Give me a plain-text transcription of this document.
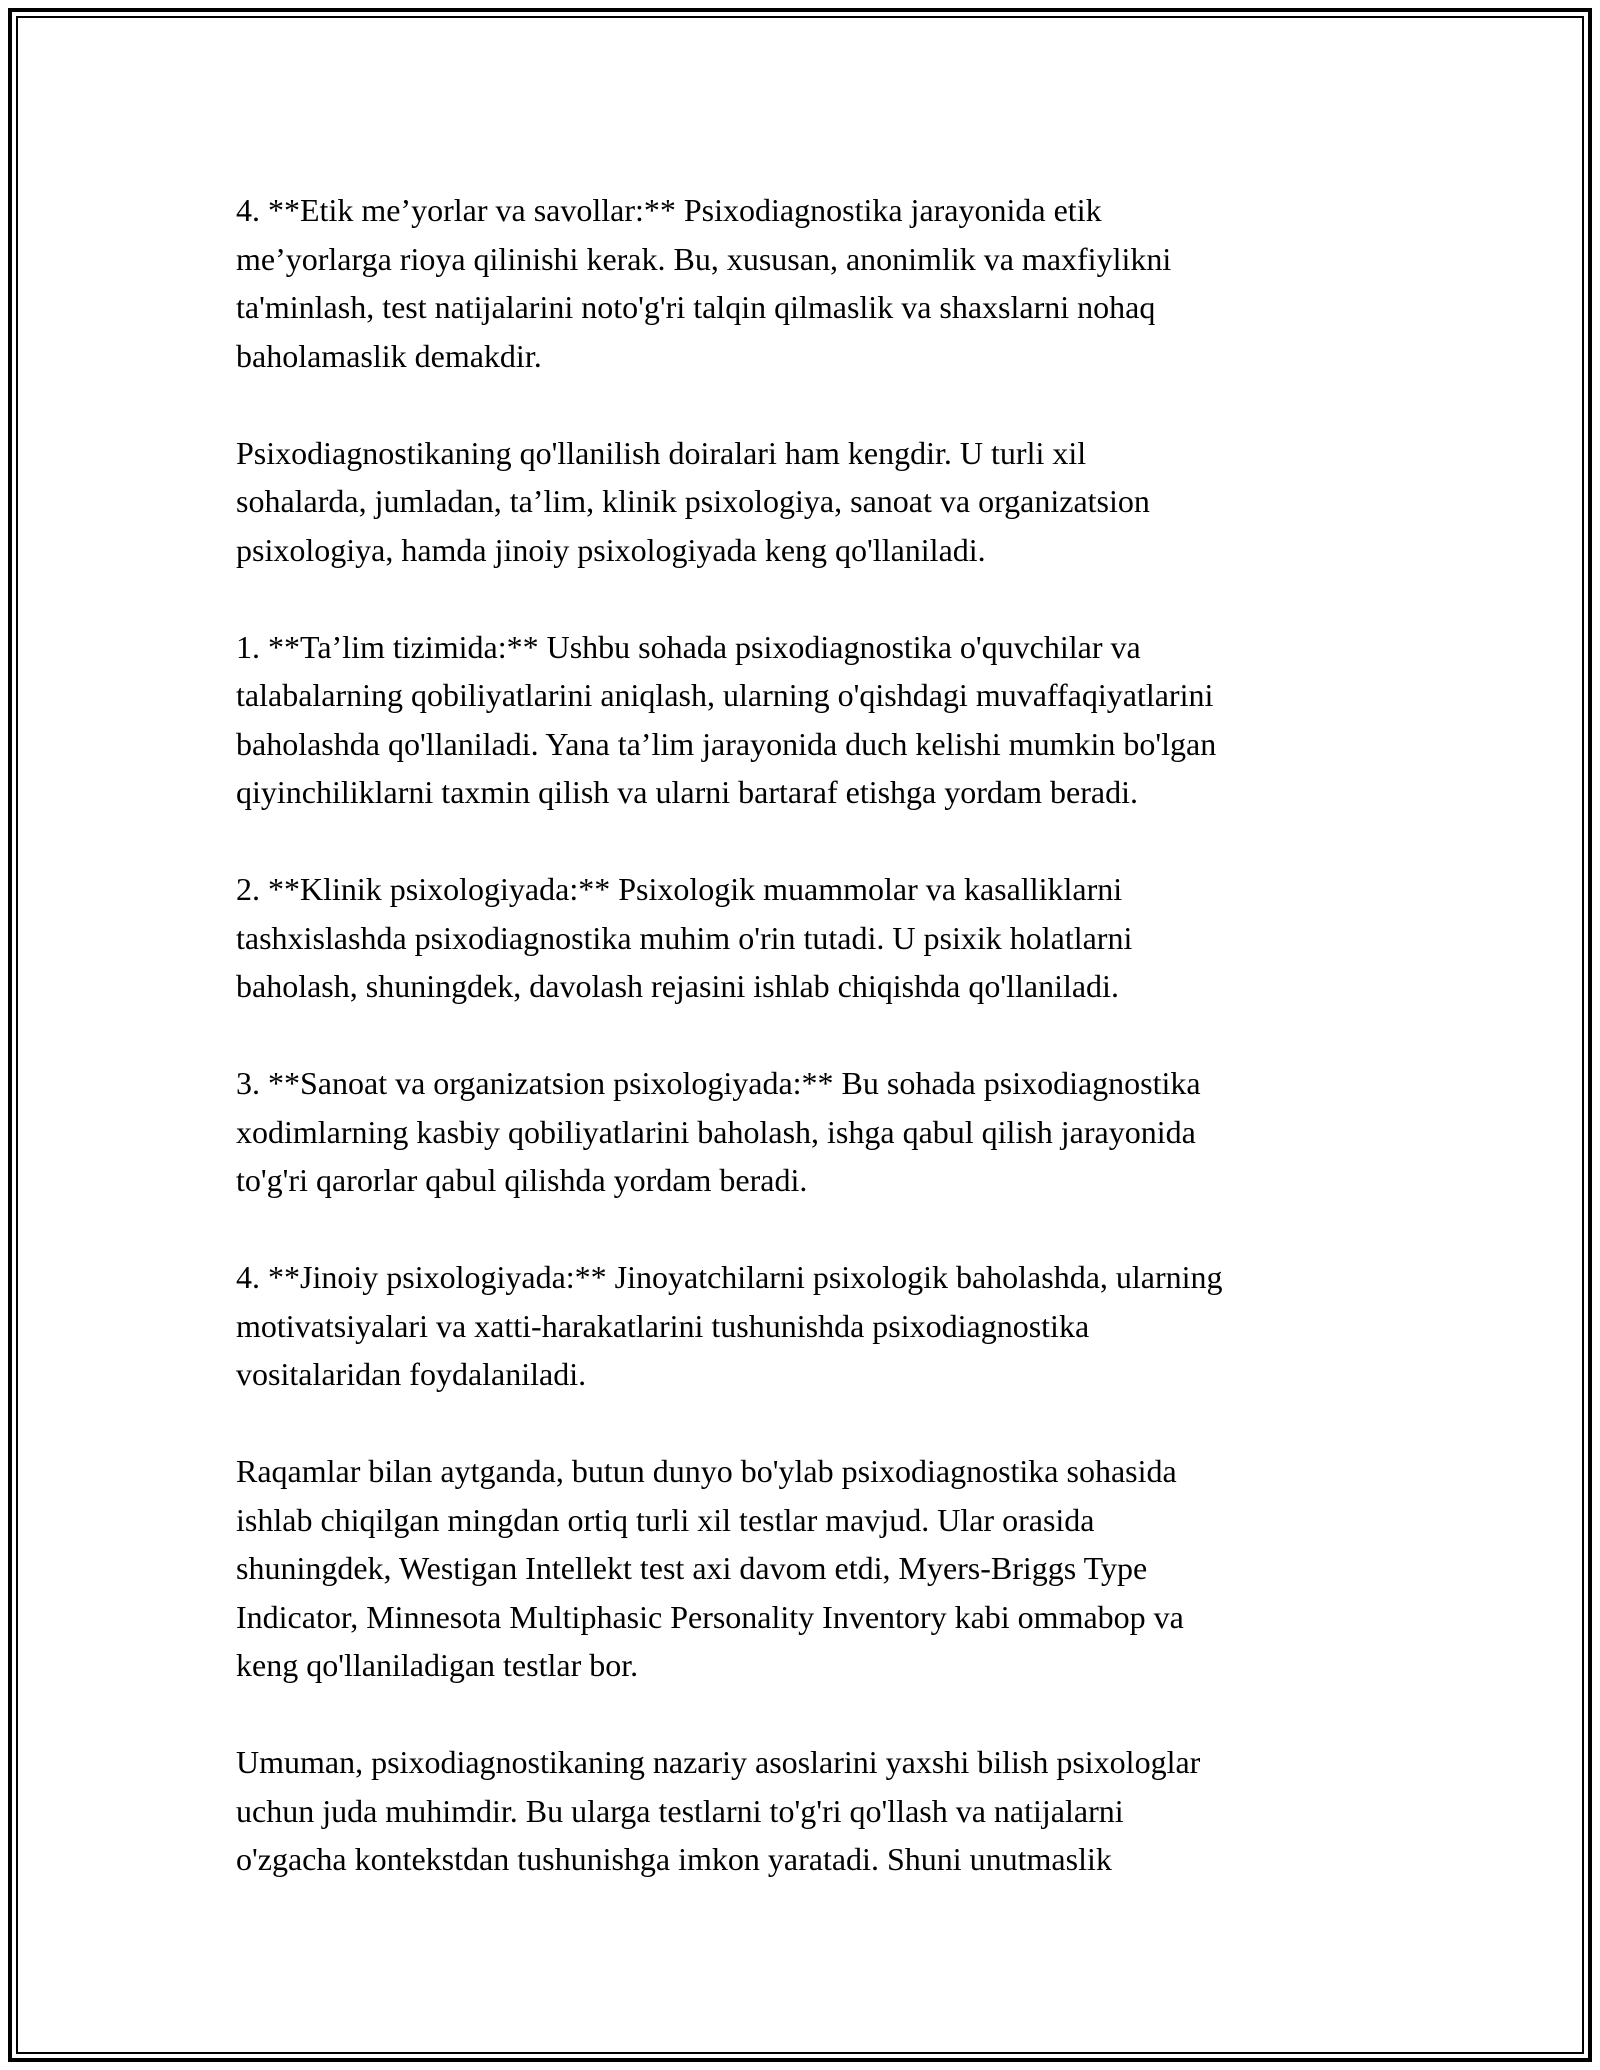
4. **Etik me’yorlar va savollar:** Psixodiagnostika jarayonida etik
me’yorlarga rioya qilinishi kerak. Bu, xususan, anonimlik va maxfiylikni
ta'minlash, test natijalarini noto'g'ri talqin qilmaslik va shaxslarni nohaq
baholamaslik demakdir.

Psixodiagnostikaning qo'llanilish doiralari ham kengdir. U turli xil
sohalarda, jumladan, ta’lim, klinik psixologiya, sanoat va organizatsion
psixologiya, hamda jinoiy psixologiyada keng qo'llaniladi.

1. **Ta’lim tizimida:** Ushbu sohada psixodiagnostika o'quvchilar va
talabalarning qobiliyatlarini aniqlash, ularning o'qishdagi muvaffaqiyatlarini
baholashda qo'llaniladi. Yana ta’lim jarayonida duch kelishi mumkin bo'lgan
qiyinchiliklarni taxmin qilish va ularni bartaraf etishga yordam beradi.

2. **Klinik psixologiyada:** Psixologik muammolar va kasalliklarni
tashxislashda psixodiagnostika muhim o'rin tutadi. U psixik holatlarni
baholash, shuningdek, davolash rejasini ishlab chiqishda qo'llaniladi.

3. **Sanoat va organizatsion psixologiyada:** Bu sohada psixodiagnostika
xodimlarning kasbiy qobiliyatlarini baholash, ishga qabul qilish jarayonida
to'g'ri qarorlar qabul qilishda yordam beradi.

4. **Jinoiy psixologiyada:** Jinoyatchilarni psixologik baholashda, ularning
motivatsiyalari va xatti-harakatlarini tushunishda psixodiagnostika
vositalaridan foydalaniladi.

Raqamlar bilan aytganda, butun dunyo bo'ylab psixodiagnostika sohasida
ishlab chiqilgan mingdan ortiq turli xil testlar mavjud. Ular orasida
shuningdek, Westigan Intellekt test axi davom etdi, Myers-Briggs Type
Indicator, Minnesota Multiphasic Personality Inventory kabi ommabop va
keng qo'llaniladigan testlar bor.

Umuman, psixodiagnostikaning nazariy asoslarini yaxshi bilish psixologlar
uchun juda muhimdir. Bu ularga testlarni to'g'ri qo'llash va natijalarni
o'zgacha kontekstdan tushunishga imkon yaratadi. Shuni unutmaslik
